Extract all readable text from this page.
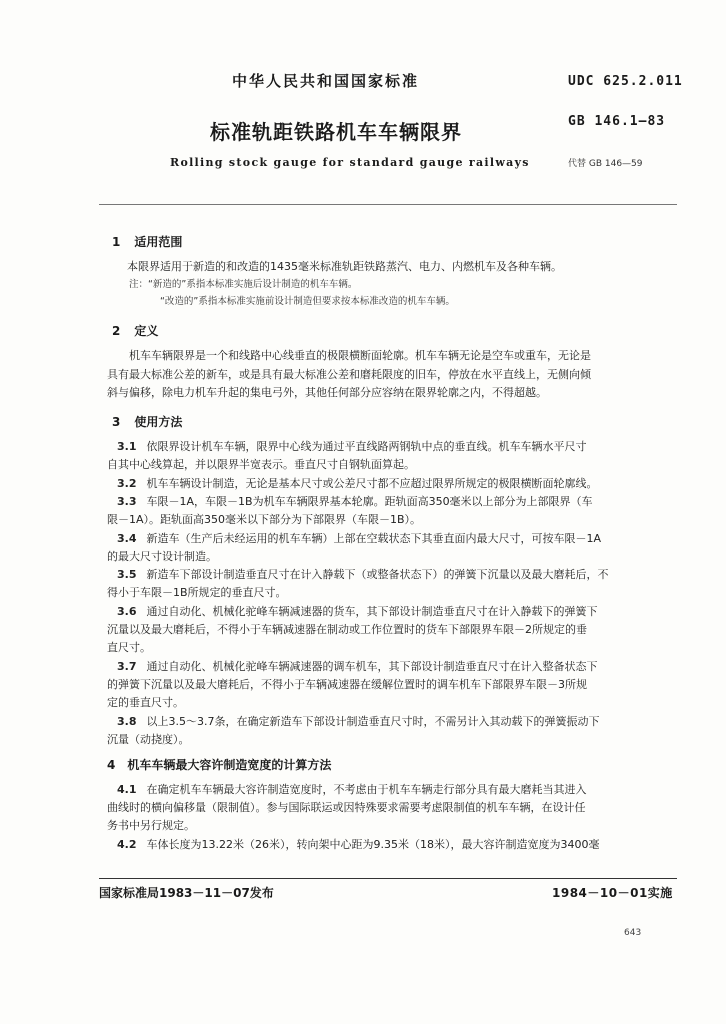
中华人民共和国国家标准	UDC 625.2.011
标准轨距铁路机车车辆限界	GB 146.1—83
Rolling stock gauge for standard gauge railways	代替 GB 146—59
1 适用范围
本限界适用于新造的和改造的1435毫米标准轨距铁路蒸汽、电力、内燃机车及各种车辆。
注：“新造的”系指本标准实施后设计制造的机车车辆。
“改造的”系指本标准实施前设计制造但要求按本标准改造的机车车辆。
2 定义
机车车辆限界是一个和线路中心线垂直的极限横断面轮廓。机车车辆无论是空车或重车，无论是
具有最大标准公差的新车，或是具有最大标准公差和磨耗限度的旧车，停放在水平直线上，无侧向倾
斜与偏移，除电力机车升起的集电弓外，其他任何部分应容纳在限界轮廓之内，不得超越。
3 使用方法
3.1 依限界设计机车车辆，限界中心线为通过平直线路两钢轨中点的垂直线。机车车辆水平尺寸
自其中心线算起，并以限界半宽表示。垂直尺寸自钢轨面算起。
3.2 机车车辆设计制造，无论是基本尺寸或公差尺寸都不应超过限界所规定的极限横断面轮廓线。
3.3 车限－1A，车限－1B为机车车辆限界基本轮廓。距轨面高350毫米以上部分为上部限界（车
限－1A）。距轨面高350毫米以下部分为下部限界（车限－1B）。
3.4 新造车（生产后未经运用的机车车辆）上部在空载状态下其垂直面内最大尺寸，可按车限－1A
的最大尺寸设计制造。
3.5 新造车下部设计制造垂直尺寸在计入静载下（或整备状态下）的弹簧下沉量以及最大磨耗后，不
得小于车限－1B所规定的垂直尺寸。
3.6 通过自动化、机械化驼峰车辆减速器的货车，其下部设计制造垂直尺寸在计入静载下的弹簧下
沉量以及最大磨耗后，不得小于车辆减速器在制动或工作位置时的货车下部限界车限－2所规定的垂
直尺寸。
3.7 通过自动化、机械化驼峰车辆减速器的调车机车，其下部设计制造垂直尺寸在计入整备状态下
的弹簧下沉量以及最大磨耗后，不得小于车辆减速器在缓解位置时的调车机车下部限界车限－3所规
定的垂直尺寸。
3.8 以上3.5～3.7条，在确定新造车下部设计制造垂直尺寸时，不需另计入其动载下的弹簧振动下
沉量（动挠度）。
4 机车车辆最大容许制造宽度的计算方法
4.1 在确定机车车辆最大容许制造宽度时，不考虑由于机车车辆走行部分具有最大磨耗当其进入
曲线时的横向偏移量（限制值）。参与国际联运或因特殊要求需要考虑限制值的机车车辆，在设计任
务书中另行规定。
4.2 车体长度为13.22米（26米），转向架中心距为9.35米（18米），最大容许制造宽度为3400毫
国家标准局1983－11－07发布	1984－10－01实施
643
